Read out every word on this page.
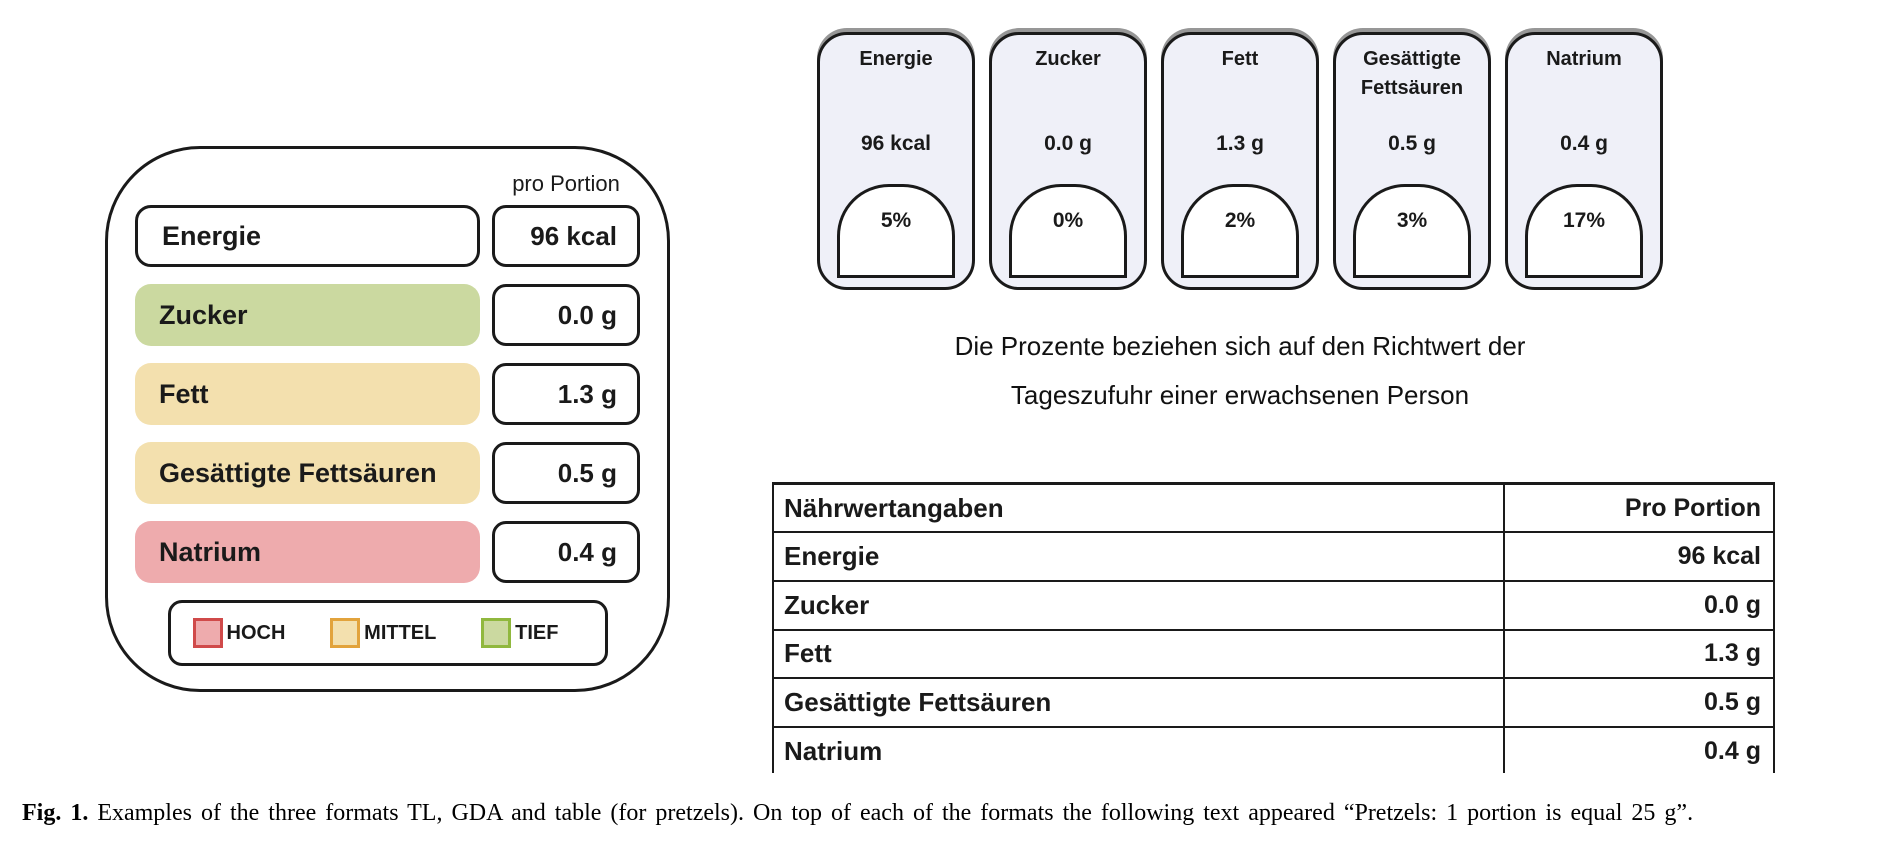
pro Portion
Energie	96 kcal
Zucker	0.0 g
Fett	1.3 g
Gesättigte Fettsäuren	0.5 g
Natrium	0.4 g
HOCH	MITTEL	TIEF
Energie
96 kcal
5%
Zucker
0.0 g
0%
Fett
1.3 g
2%
Gesättigte Fettsäuren
0.5 g
3%
Natrium
0.4 g
17%
Die Prozente beziehen sich auf den Richtwert der
Tageszufuhr einer erwachsenen Person
Nährwertangaben	Pro Portion
Energie	96 kcal
Zucker	0.0 g
Fett	1.3 g
Gesättigte Fettsäuren	0.5 g
Natrium	0.4 g
Fig. 1. Examples of the three formats TL, GDA and table (for pretzels). On top of each of the formats the following text appeared “Pretzels: 1 portion is equal 25 g”.
